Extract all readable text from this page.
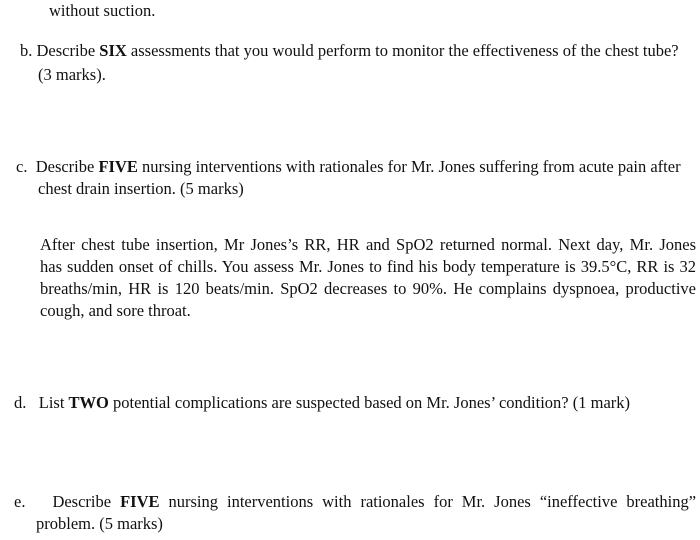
without suction.
b. Describe SIX assessments that you would perform to monitor the effectiveness of the chest tube?
(3 marks).
c. Describe FIVE nursing interventions with rationales for Mr. Jones suffering from acute pain after
chest drain insertion. (5 marks)
After chest tube insertion, Mr Jones’s RR, HR and SpO2 returned normal. Next day, Mr. Jones
has sudden onset of chills. You assess Mr. Jones to find his body temperature is 39.5°C, RR is 32
breaths/min, HR is 120 beats/min. SpO2 decreases to 90%. He complains dyspnoea, productive
cough, and sore throat.
d. List TWO potential complications are suspected based on Mr. Jones’ condition? (1 mark)
e. Describe FIVE nursing interventions with rationales for Mr. Jones “ineffective breathing”
problem. (5 marks)
